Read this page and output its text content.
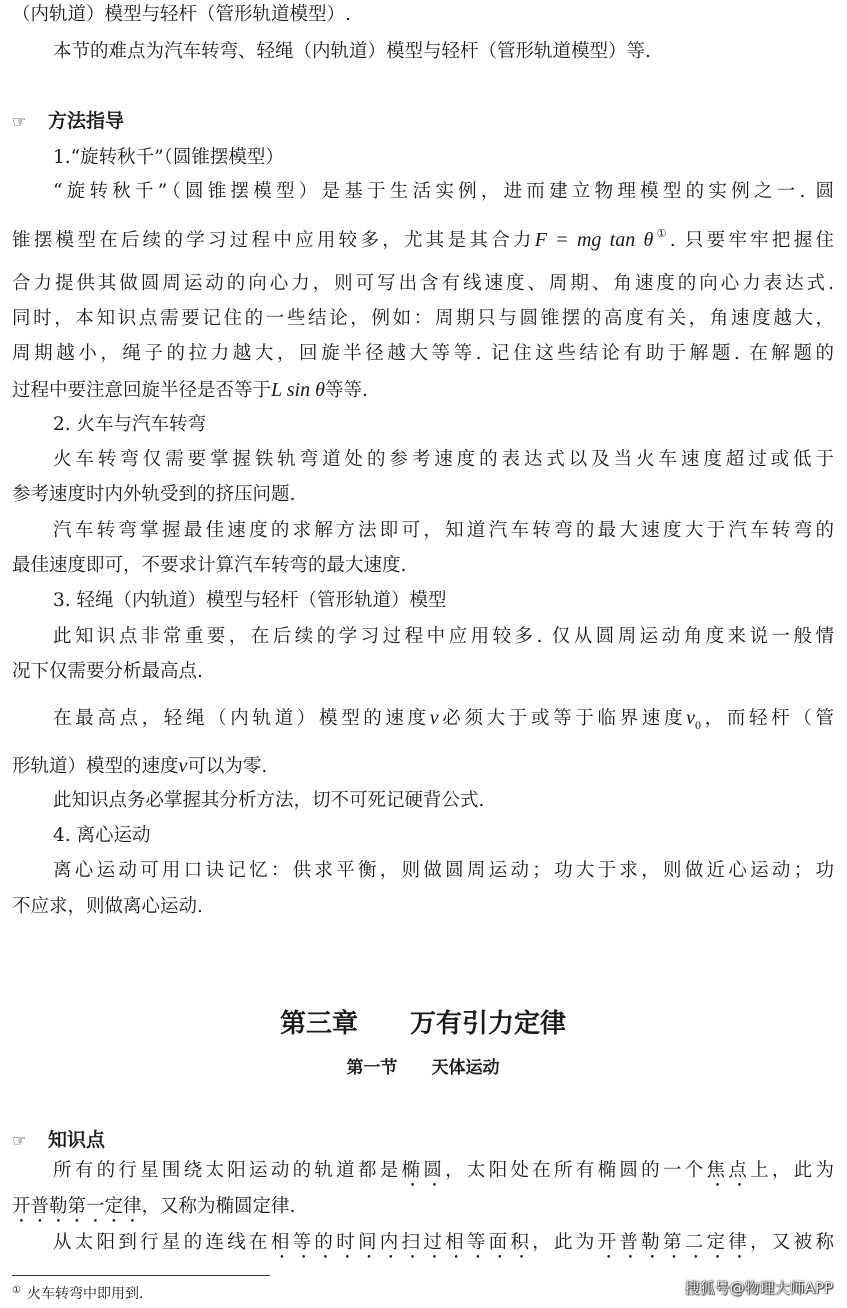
（内轨道）模型与轻杆（管形轨道模型）.
本节的难点为汽车转弯、轻绳（内轨道）模型与轻杆（管形轨道模型）等.
☞ 方法指导
1.“旋转秋千”（圆锥摆模型）
“旋转秋千”（圆锥摆模型）是基于生活实例，进而建立物理模型的实例之一. 圆
锥摆模型在后续的学习过程中应用较多，尤其是其合力F = mg tan θ①. 只要牢牢把握住
合力提供其做圆周运动的向心力，则可写出含有线速度、周期、角速度的向心力表达式.
同时，本知识点需要记住的一些结论，例如：周期只与圆锥摆的高度有关，角速度越大，
周期越小，绳子的拉力越大，回旋半径越大等等. 记住这些结论有助于解题. 在解题的
过程中要注意回旋半径是否等于L sin θ等等.
2. 火车与汽车转弯
火车转弯仅需要掌握铁轨弯道处的参考速度的表达式以及当火车速度超过或低于
参考速度时内外轨受到的挤压问题.
汽车转弯掌握最佳速度的求解方法即可，知道汽车转弯的最大速度大于汽车转弯的
最佳速度即可，不要求计算汽车转弯的最大速度.
3. 轻绳（内轨道）模型与轻杆（管形轨道）模型
此知识点非常重要，在后续的学习过程中应用较多. 仅从圆周运动角度来说一般情
况下仅需要分析最高点.
在最高点，轻绳（内轨道）模型的速度v必须大于或等于临界速度$v_0$，而轻杆（管
形轨道）模型的速度v可以为零.
此知识点务必掌握其分析方法，切不可死记硬背公式.
4. 离心运动
离心运动可用口诀记忆：供求平衡，则做圆周运动；功大于求，则做近心运动；功
不应求，则做离心运动.
第三章　　万有引力定律
第一节　　天体运动
☞ 知识点
所有的行星围绕太阳运动的轨道都是椭圆，太阳处在所有椭圆的一个焦点上，此为
开普勒第一定律，又称为椭圆定律.
从太阳到行星的连线在相等的时间内扫过相等面积，此为开普勒第二定律，又被称
① 火车转弯中即用到.	搜狐号@物理大师APP
